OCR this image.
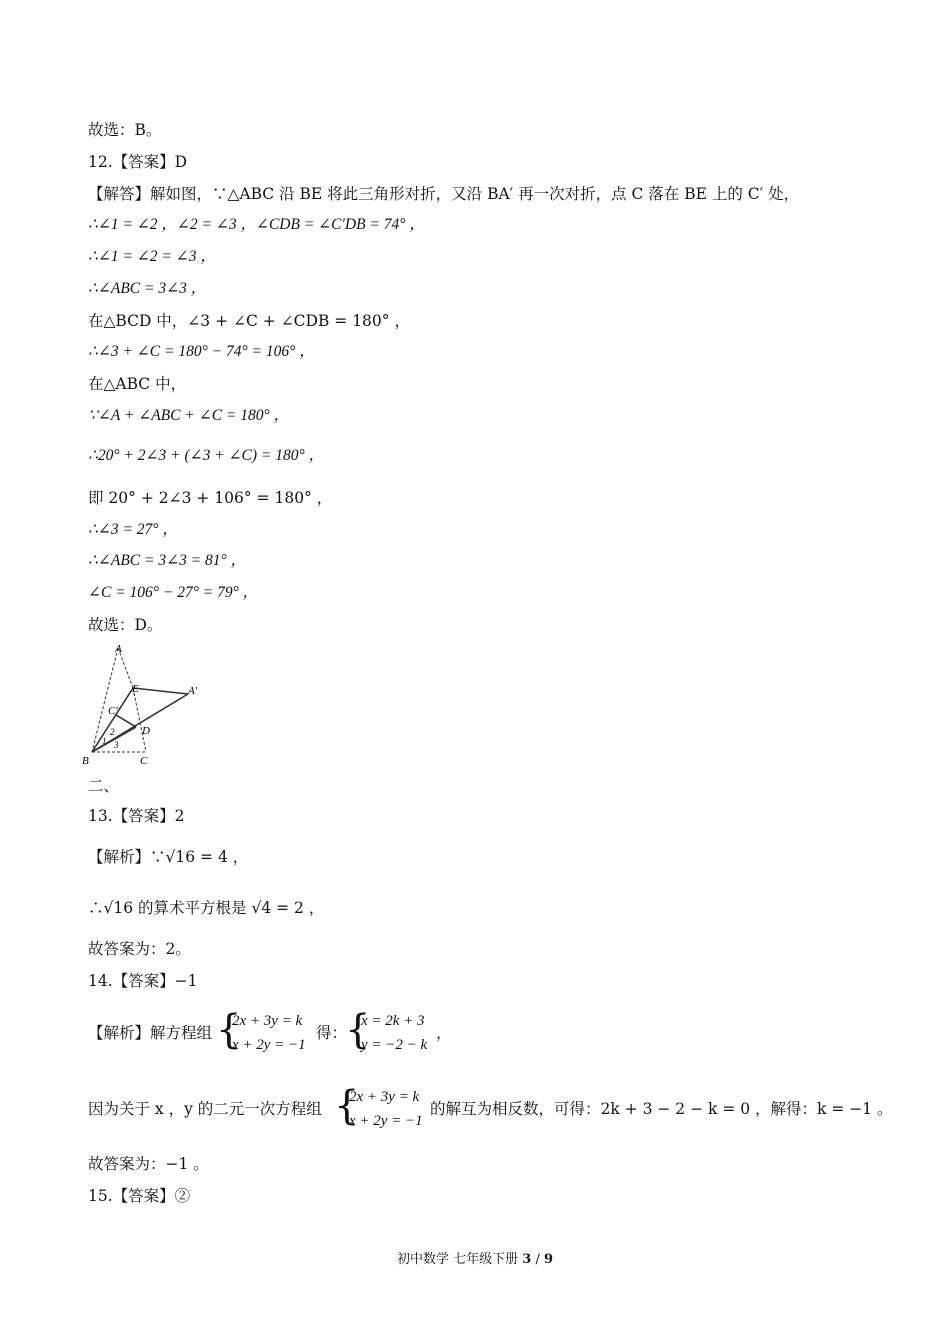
故选：B。
12.【答案】D
【解答】解如图，∵△ABC 沿 BE 将此三角形对折，又沿 BA′ 再一次对折，点 C 落在 BE 上的 C′ 处，
∴∠1 = ∠2 ，∠2 = ∠3 ，∠CDB = ∠C′DB = 74° ，
∴∠1 = ∠2 = ∠3 ，
∴∠ABC = 3∠3 ，
在△BCD 中，∠3 + ∠C + ∠CDB = 180° ，
∴∠3 + ∠C = 180° − 74° = 106° ，
在△ABC 中，
∵∠A + ∠ABC + ∠C = 180° ，
∴20° + 2∠3 + (∠3 + ∠C) = 180° ，
即 20° + 2∠3 + 106° = 180° ，
∴∠3 = 27° ，
∴∠ABC = 3∠3 = 81° ，
∠C = 106° − 27° = 79° ，
故选：D。
A
E	A′
C′
D
B	C
1
2
3
二、
13.【答案】2
【解析】∵√16 = 4 ，
∴√16 的算术平方根是 √4 = 2 ，
故答案为：2。
14.【答案】−1
【解析】解方程组 {
2x + 3y = k
x + 2y = −1
得：
{
x = 2k + 3
y = −2 − k
，
因为关于 x ，y 的二元一次方程组 {
2x + 3y = k
x + 2y = −1
的解互为相反数，可得：2k + 3 − 2 − k = 0 ，解得：k = −1 。
故答案为：−1 。
15.【答案】②
初中数学 七年级下册 3 / 9
